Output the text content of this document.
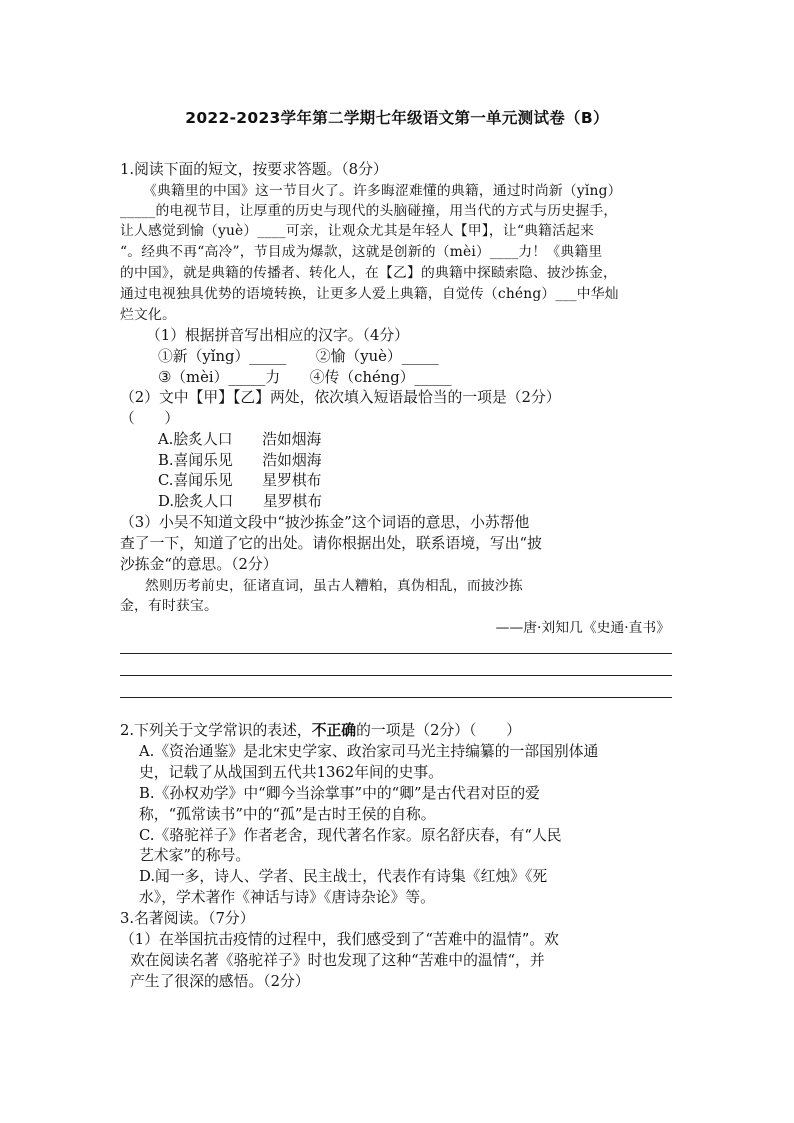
2022-2023学年第二学期七年级语文第一单元测试卷（B）
1.阅读下面的短文，按要求答题。（8分）
《典籍里的中国》这一节目火了。许多晦涩难懂的典籍，通过时尚新（yǐng）
_____的电视节目，让厚重的历史与现代的头脑碰撞，用当代的方式与历史握手，
让人感觉到愉（yuè）____可亲，让观众尤其是年轻人【甲】，让“典籍活起来
“。经典不再“高冷”，节目成为爆款，这就是创新的（mèi）____力！《典籍里
的中国》，就是典籍的传播者、转化人，在【乙】的典籍中探赜索隐、披沙拣金，
通过电视独具优势的语境转换，让更多人爱上典籍，自觉传（chéng）___中华灿
烂文化。
（1）根据拼音写出相应的汉字。（4分）
①新（yǐng）_____　　②愉（yuè）_____
③（mèi）_____力　　④传（chéng）_____
（2）文中【甲】【乙】两处，依次填入短语最恰当的一项是（2分）
（　　）
A.脍炙人口　　浩如烟海
B.喜闻乐见　　浩如烟海
C.喜闻乐见　　星罗棋布
D.脍炙人口　　星罗棋布
（3）小吴不知道文段中“披沙拣金”这个词语的意思，小苏帮他
查了一下，知道了它的出处。请你根据出处，联系语境，写出“披
沙拣金“的意思。（2分）
然则历考前史，征诸直词，虽古人糟粕，真伪相乱，而披沙拣
金，有时获宝。
——唐·刘知几《史通·直书》
2.下列关于文学常识的表述，不正确的一项是（2分）（　　）
A.《资治通鉴》是北宋史学家、政治家司马光主持编纂的一部国别体通
史，记载了从战国到五代共1362年间的史事。
B.《孙权劝学》中“卿今当涂掌事”中的“卿”是古代君对臣的爱
称，“孤常读书”中的“孤”是古时王侯的自称。
C.《骆驼祥子》作者老舍，现代著名作家。原名舒庆春，有“人民
艺术家”的称号。
D.闻一多，诗人、学者、民主战士，代表作有诗集《红烛》《死
水》，学术著作《神话与诗》《唐诗杂论》等。
3.名著阅读。（7分）
（1）在举国抗击疫情的过程中，我们感受到了“苦难中的温情”。欢
欢在阅读名著《骆驼祥子》时也发现了这种“苦难中的温情“，并
产生了很深的感悟。（2分）
